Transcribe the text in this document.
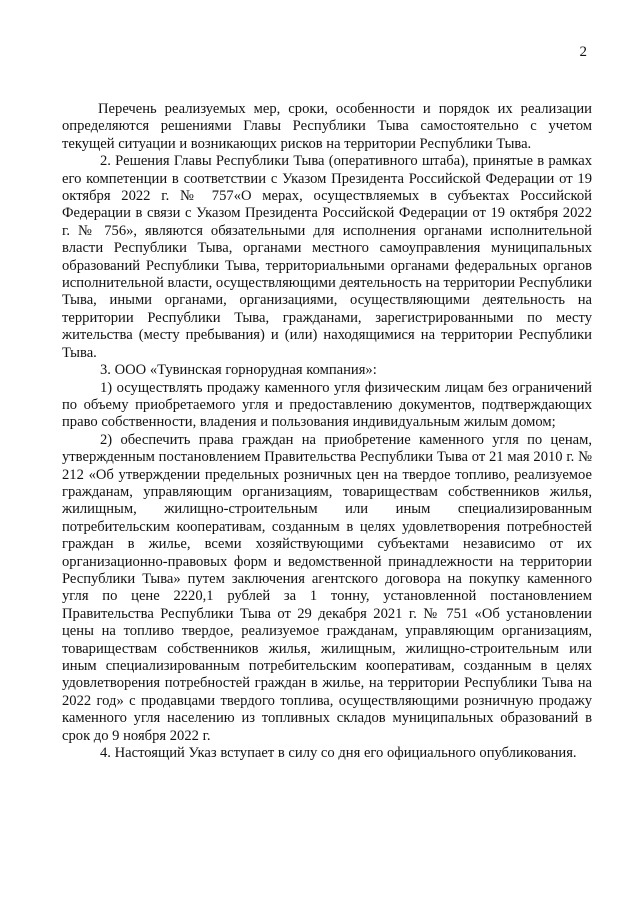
2

Перечень реализуемых мер, сроки, особенности и порядок их реализации определяются решениями Главы Республики Тыва самостоятельно с учетом текущей ситуации и возникающих рисков на территории Республики Тыва.

2. Решения Главы Республики Тыва (оперативного штаба), принятые в рамках его компетенции в соответствии с Указом Президента Российской Федерации от 19 октября 2022 г. № 757«О мерах, осуществляемых в субъектах Российской Федерации в связи с Указом Президента Российской Федерации от 19 октября 2022 г. № 756», являются обязательными для исполнения органами исполнительной власти Республики Тыва, органами местного самоуправления муниципальных образований Республики Тыва, территориальными органами федеральных органов исполнительной власти, осуществляющими деятельность на территории Республики Тыва, иными органами, организациями, осуществляющими деятельность на территории Республики Тыва, гражданами, зарегистрированными по месту жительства (месту пребывания) и (или) находящимися на территории Республики Тыва.

3. ООО «Тувинская горнорудная компания»:

1) осуществлять продажу каменного угля физическим лицам без ограничений по объему приобретаемого угля и предоставлению документов, подтверждающих право собственности, владения и пользования индивидуальным жилым домом;

2) обеспечить права граждан на приобретение каменного угля по ценам, утвержденным постановлением Правительства Республики Тыва от 21 мая 2010 г. № 212 «Об утверждении предельных розничных цен на твердое топливо, реализуемое гражданам, управляющим организациям, товариществам собственников жилья, жилищным, жилищно-строительным или иным специализированным потребительским кооперативам, созданным в целях удовлетворения потребностей граждан в жилье, всеми хозяйствующими субъектами независимо от их организационно-правовых форм и ведомственной принадлежности на территории Республики Тыва» путем заключения агентского договора на покупку каменного угля по цене 2220,1 рублей за 1 тонну, установленной постановлением Правительства Республики Тыва от 29 декабря 2021 г. № 751 «Об установлении цены на топливо твердое, реализуемое гражданам, управляющим организациям, товариществам собственников жилья, жилищным, жилищно-строительным или иным специализированным потребительским кооперативам, созданным в целях удовлетворения потребностей граждан в жилье, на территории Республики Тыва на 2022 год» с продавцами твердого топлива, осуществляющими розничную продажу каменного угля населению из топливных складов муниципальных образований в срок до 9 ноября 2022 г.

4. Настоящий Указ вступает в силу со дня его официального опубликования.
